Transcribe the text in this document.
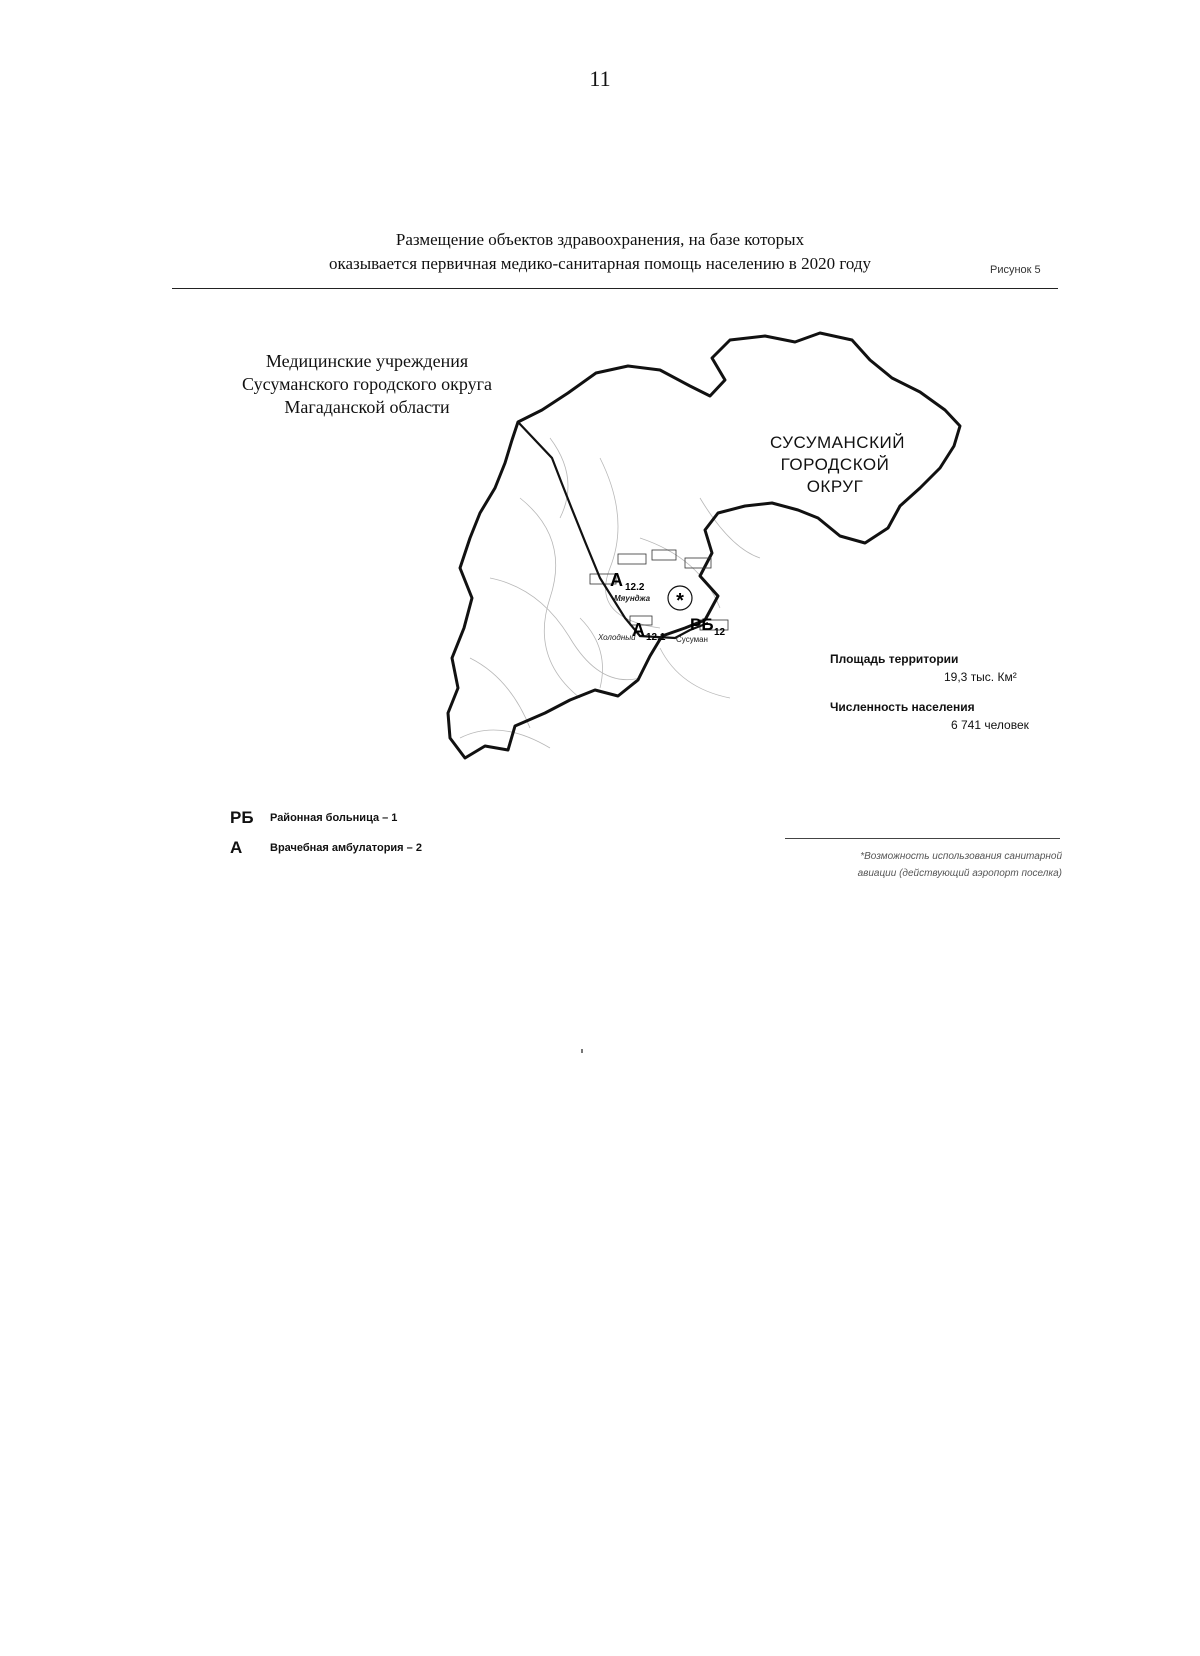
11
Размещение объектов здравоохранения, на базе которых
оказывается первичная медико-санитарная помощь населению в 2020 году	Рисунок 5
Медицинские учреждения
Сусуманского городского округа
Магаданской области
*
A 12.2
Мяунджа
A 12.1
Холодный
РБ 12
Сусуман
СУСУМАНСКИЙ
ГОРОДСКОЙ
ОКРУГ
Площадь территории
19,3 тыс. Км²
Численность населения
6 741 человек
РБ	Районная больница – 1
A	Врачебная амбулатория – 2
*Возможность использования санитарной
авиации (действующий аэропорт поселка)
